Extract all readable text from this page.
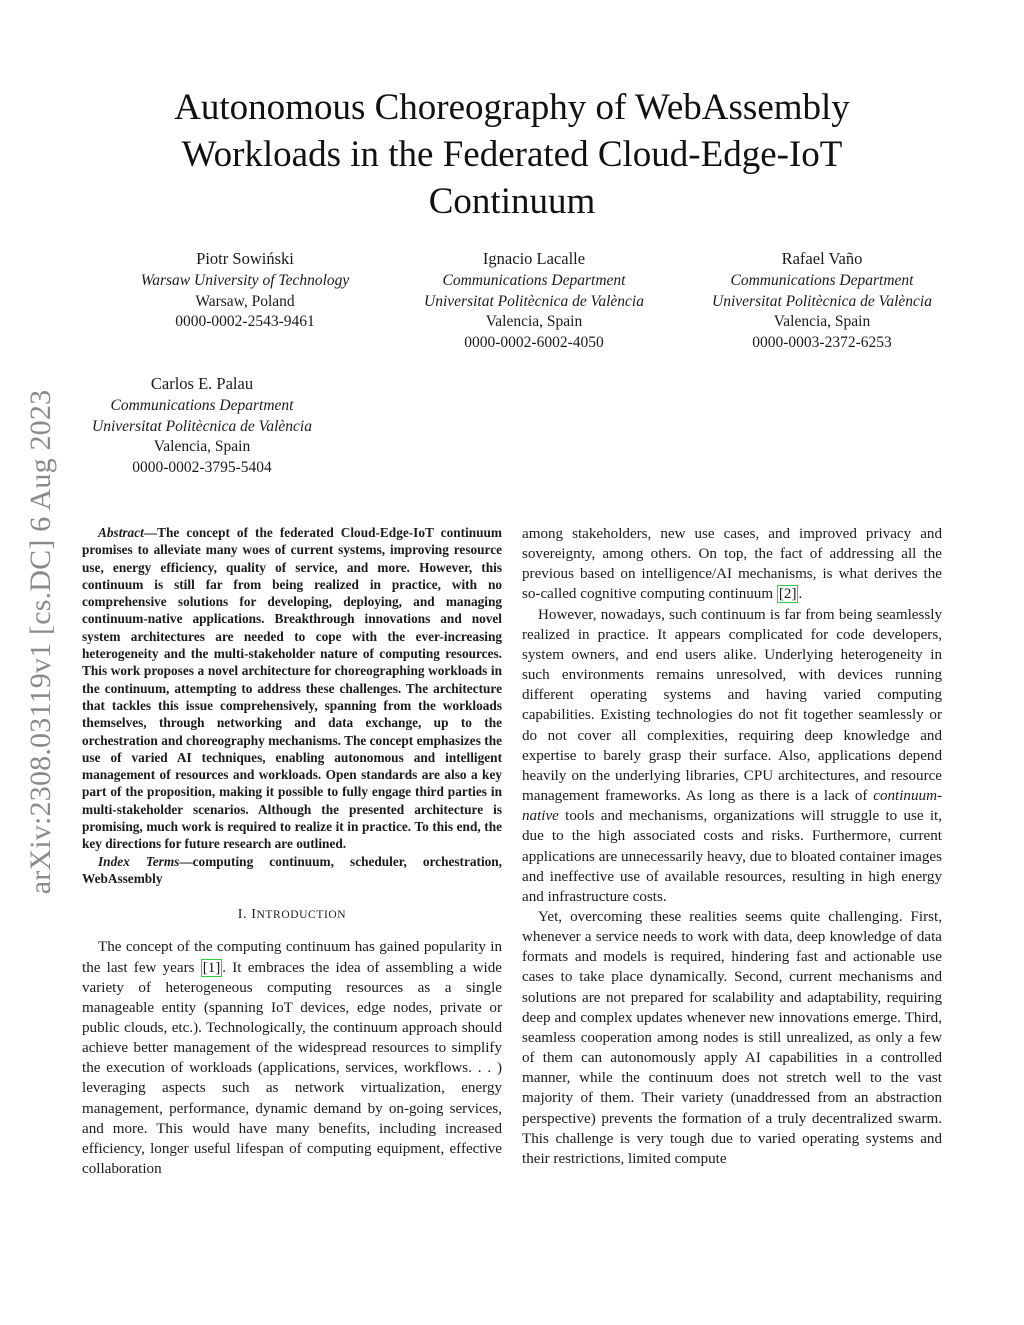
arXiv:2308.03119v1 [cs.DC] 6 Aug 2023
Autonomous Choreography of WebAssembly
Workloads in the Federated Cloud-Edge-IoT
Continuum
Piotr Sowiński
Warsaw University of Technology
Warsaw, Poland
0000-0002-2543-9461
Ignacio Lacalle
Communications Department
Universitat Politècnica de València
Valencia, Spain
0000-0002-6002-4050
Rafael Vaño
Communications Department
Universitat Politècnica de València
Valencia, Spain
0000-0003-2372-6253
Carlos E. Palau
Communications Department
Universitat Politècnica de València
Valencia, Spain
0000-0002-3795-5404

Abstract—The concept of the federated Cloud-Edge-IoT continuum promises to alleviate many woes of current systems, improving resource use, energy efficiency, quality of service, and more. However, this continuum is still far from being realized in practice, with no comprehensive solutions for developing, deploying, and managing continuum-native applications. Breakthrough innovations and novel system architectures are needed to cope with the ever-increasing heterogeneity and the multi-stakeholder nature of computing resources. This work proposes a novel architecture for choreographing workloads in the continuum, attempting to address these challenges. The architecture that tackles this issue comprehensively, spanning from the workloads themselves, through networking and data exchange, up to the orchestration and choreography mechanisms. The concept emphasizes the use of varied AI techniques, enabling autonomous and intelligent management of resources and workloads. Open standards are also a key part of the proposition, making it possible to fully engage third parties in multi-stakeholder scenarios. Although the presented architecture is promising, much work is required to realize it in practice. To this end, the key directions for future research are outlined.

Index Terms—computing continuum, scheduler, orchestration, WebAssembly

I. INTRODUCTION

The concept of the computing continuum has gained popularity in the last few years [1] . It embraces the idea of assembling a wide variety of heterogeneous computing resources as a single manageable entity (spanning IoT devices, edge nodes, private or public clouds, etc.). Technologically, the continuum approach should achieve better management of the widespread resources to simplify the execution of workloads (applications, services, workflows. . . ) leveraging aspects such as network virtualization, energy management, performance, dynamic demand by on-going services, and more. This would have many benefits, including increased efficiency, longer useful lifespan of computing equipment, effective collaboration

among stakeholders, new use cases, and improved privacy and sovereignty, among others. On top, the fact of addressing all the previous based on intelligence/AI mechanisms, is what derives the so-called cognitive computing continuum [2] .

However, nowadays, such continuum is far from being seamlessly realized in practice. It appears complicated for code developers, system owners, and end users alike. Underlying heterogeneity in such environments remains unresolved, with devices running different operating systems and having varied computing capabilities. Existing technologies do not fit together seamlessly or do not cover all complexities, requiring deep knowledge and expertise to barely grasp their surface. Also, applications depend heavily on the underlying libraries, CPU architectures, and resource management frameworks. As long as there is a lack of continuum-native tools and mechanisms, organizations will struggle to use it, due to the high associated costs and risks. Furthermore, current applications are unnecessarily heavy, due to bloated container images and ineffective use of available resources, resulting in high energy and infrastructure costs.

Yet, overcoming these realities seems quite challenging. First, whenever a service needs to work with data, deep knowledge of data formats and models is required, hindering fast and actionable use cases to take place dynamically. Second, current mechanisms and solutions are not prepared for scalability and adaptability, requiring deep and complex updates whenever new innovations emerge. Third, seamless cooperation among nodes is still unrealized, as only a few of them can autonomously apply AI capabilities in a controlled manner, while the continuum does not stretch well to the vast majority of them. Their variety (unaddressed from an abstraction perspective) prevents the formation of a truly decentralized swarm. This challenge is very tough due to varied operating systems and their restrictions, limited compute
